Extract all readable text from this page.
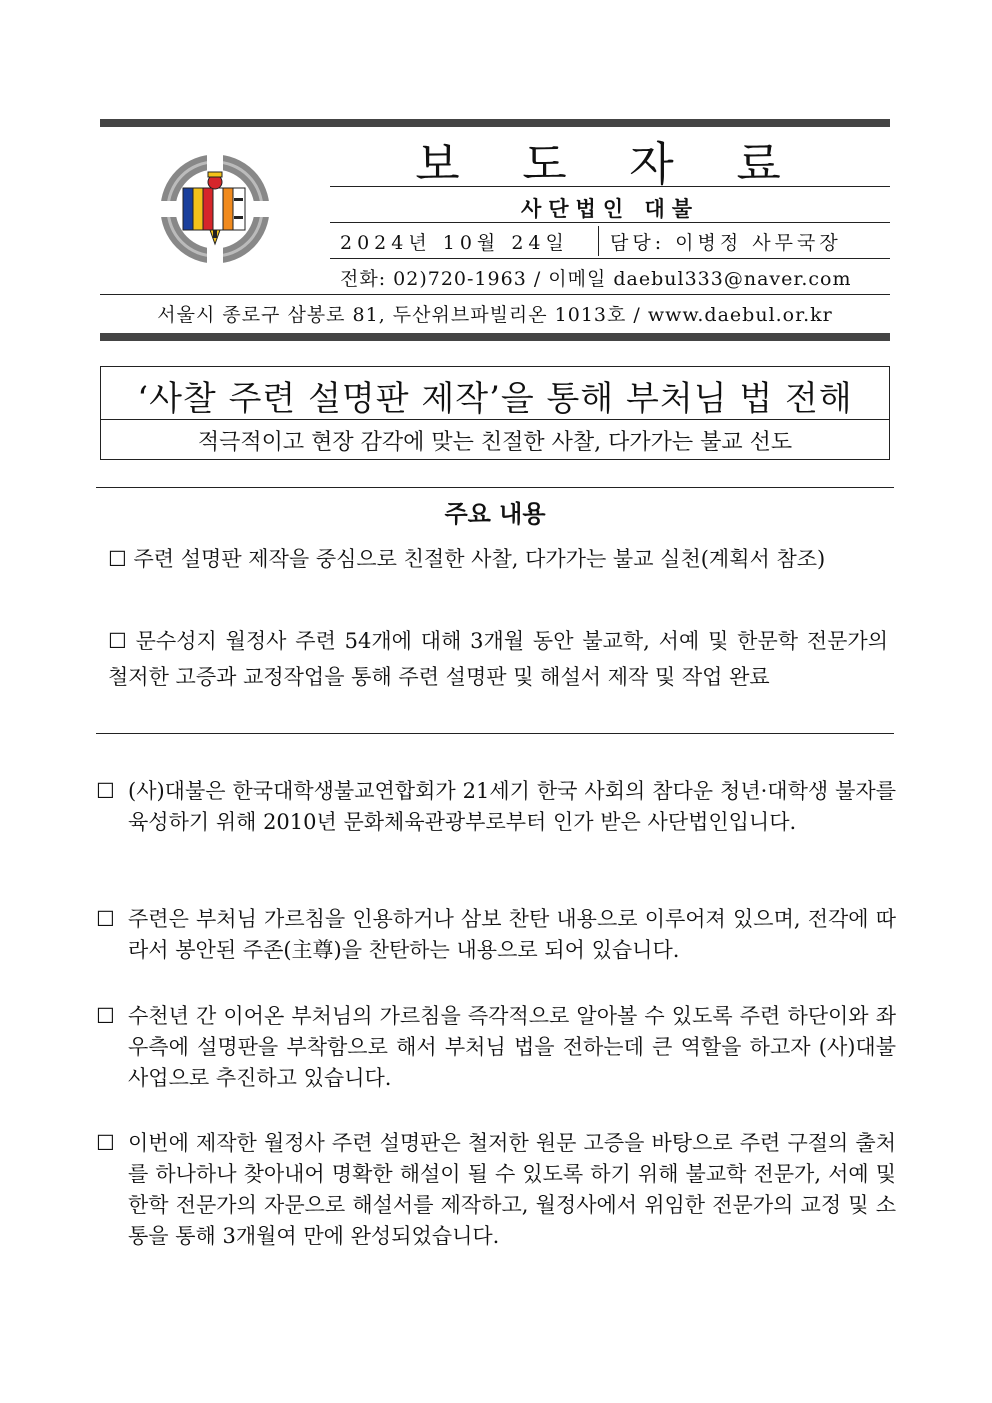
보 도 자 료
사단법인 대불
2024년 10월 24일 담당: 이병정 사무국장
전화: 02)720-1963 / 이메일 daebul333@naver.com
서울시 종로구 삼봉로 81, 두산위브파빌리온 1013호 / www.daebul.or.kr
‘사찰 주련 설명판 제작’을 통해 부처님 법 전해
적극적이고 현장 감각에 맞는 친절한 사찰, 다가가는 불교 선도
주요 내용
☐ 주련 설명판 제작을 중심으로 친절한 사찰, 다가가는 불교 실천(계획서 참조)
☐ 문수성지 월정사 주련 54개에 대해 3개월 동안 불교학, 서예 및 한문학 전문가의 철저한 고증과 교정작업을 통해 주련 설명판 및 해설서 제작 및 작업 완료
☐ (사)대불은 한국대학생불교연합회가 21세기 한국 사회의 참다운 청년·대학생 불자를 육성하기 위해 2010년 문화체육관광부로부터 인가 받은 사단법인입니다.
☐ 주련은 부처님 가르침을 인용하거나 삼보 찬탄 내용으로 이루어져 있으며, 전각에 따라서 봉안된 주존(主尊)을 찬탄하는 내용으로 되어 있습니다.
☐ 수천년 간 이어온 부처님의 가르침을 즉각적으로 알아볼 수 있도록 주련 하단이와 좌우측에 설명판을 부착함으로 해서 부처님 법을 전하는데 큰 역할을 하고자 (사)대불 사업으로 추진하고 있습니다.
☐ 이번에 제작한 월정사 주련 설명판은 철저한 원문 고증을 바탕으로 주련 구절의 출처를 하나하나 찾아내어 명확한 해설이 될 수 있도록 하기 위해 불교학 전문가, 서예 및 한학 전문가의 자문으로 해설서를 제작하고, 월정사에서 위임한 전문가의 교정 및 소통을 통해 3개월여 만에 완성되었습니다.
